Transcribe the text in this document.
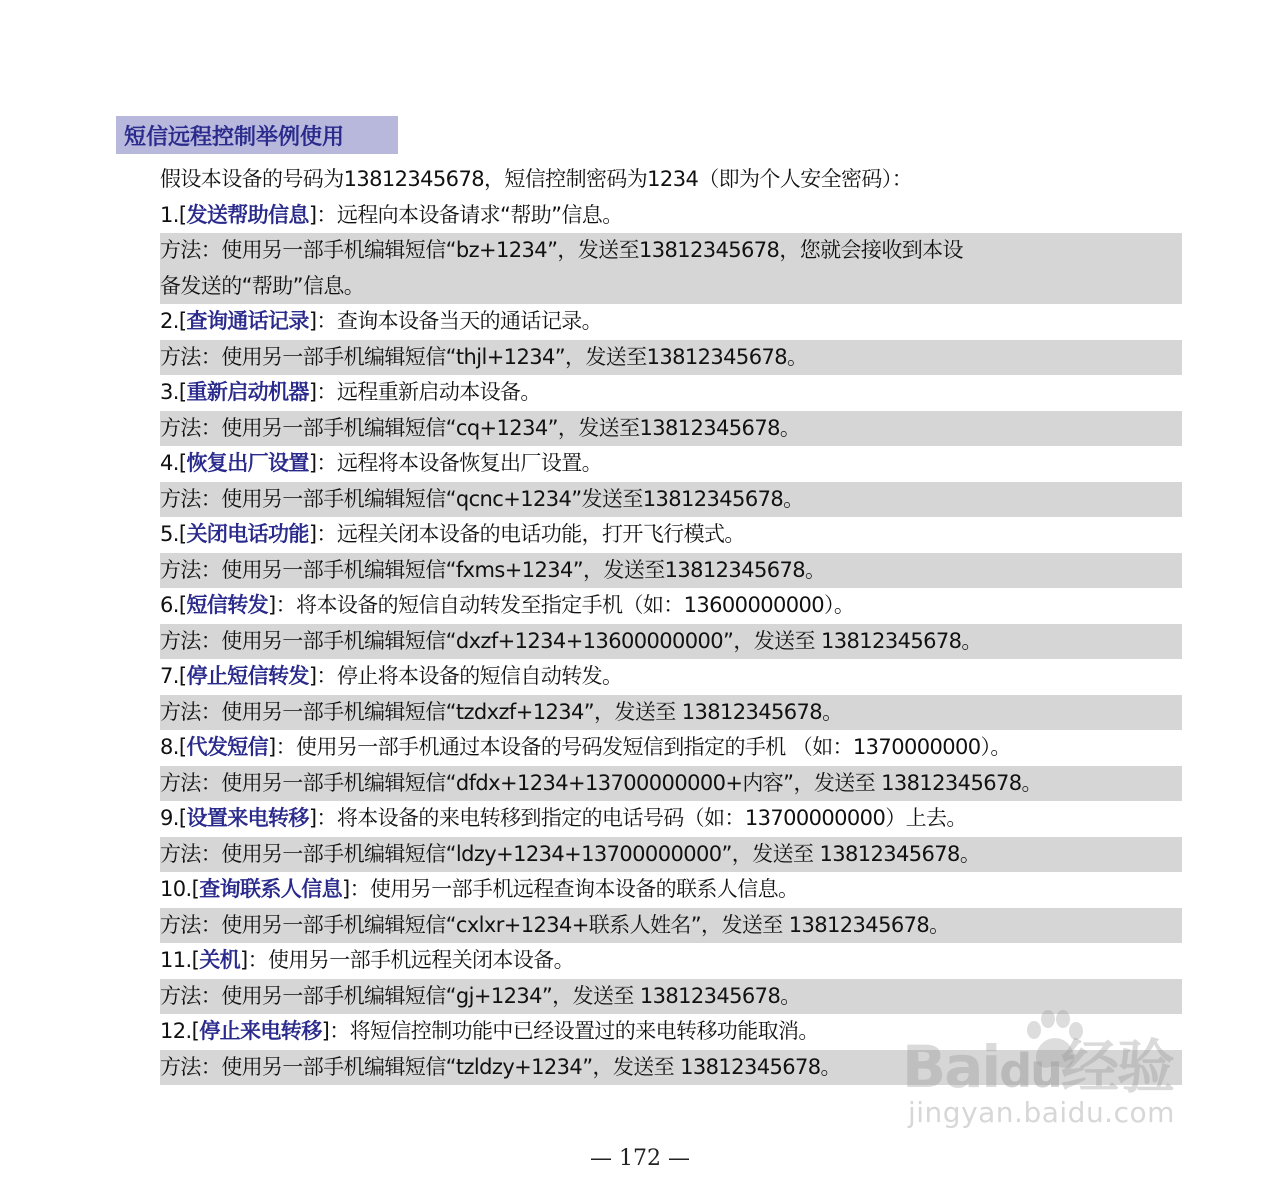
短信远程控制举例使用
假设本设备的号码为13812345678，短信控制密码为1234（即为个人安全密码）：
1.[发送帮助信息]：远程向本设备请求“帮助”信息。
方法：使用另一部手机编辑短信“bz+1234”，发送至13812345678，您就会接收到本设
备发送的“帮助”信息。
2.[查询通话记录]：查询本设备当天的通话记录。
方法：使用另一部手机编辑短信“thjl+1234”，发送至13812345678。
3.[重新启动机器]：远程重新启动本设备。
方法：使用另一部手机编辑短信“cq+1234”，发送至13812345678。
4.[恢复出厂设置]：远程将本设备恢复出厂设置。
方法：使用另一部手机编辑短信“qcnc+1234”发送至13812345678。
5.[关闭电话功能]：远程关闭本设备的电话功能，打开飞行模式。
方法：使用另一部手机编辑短信“fxms+1234”，发送至13812345678。
6.[短信转发]：将本设备的短信自动转发至指定手机（如：13600000000）。
方法：使用另一部手机编辑短信“dxzf+1234+13600000000”，发送至 13812345678。
7.[停止短信转发]：停止将本设备的短信自动转发。
方法：使用另一部手机编辑短信“tzdxzf+1234”，发送至 13812345678。
8.[代发短信]：使用另一部手机通过本设备的号码发短信到指定的手机 （如：1370000000）。
方法：使用另一部手机编辑短信“dfdx+1234+13700000000+内容”，发送至 13812345678。
9.[设置来电转移]：将本设备的来电转移到指定的电话号码（如：13700000000）上去。
方法：使用另一部手机编辑短信“ldzy+1234+13700000000”，发送至 13812345678。
10.[查询联系人信息]：使用另一部手机远程查询本设备的联系人信息。
方法：使用另一部手机编辑短信“cxlxr+1234+联系人姓名”，发送至 13812345678。
11.[关机]：使用另一部手机远程关闭本设备。
方法：使用另一部手机编辑短信“gj+1234”，发送至 13812345678。
12.[停止来电转移]：将短信控制功能中已经设置过的来电转移功能取消。
方法：使用另一部手机编辑短信“tzldzy+1234”，发送至 13812345678。	Baidu经验
jingyan.baidu.com
— 172 —
